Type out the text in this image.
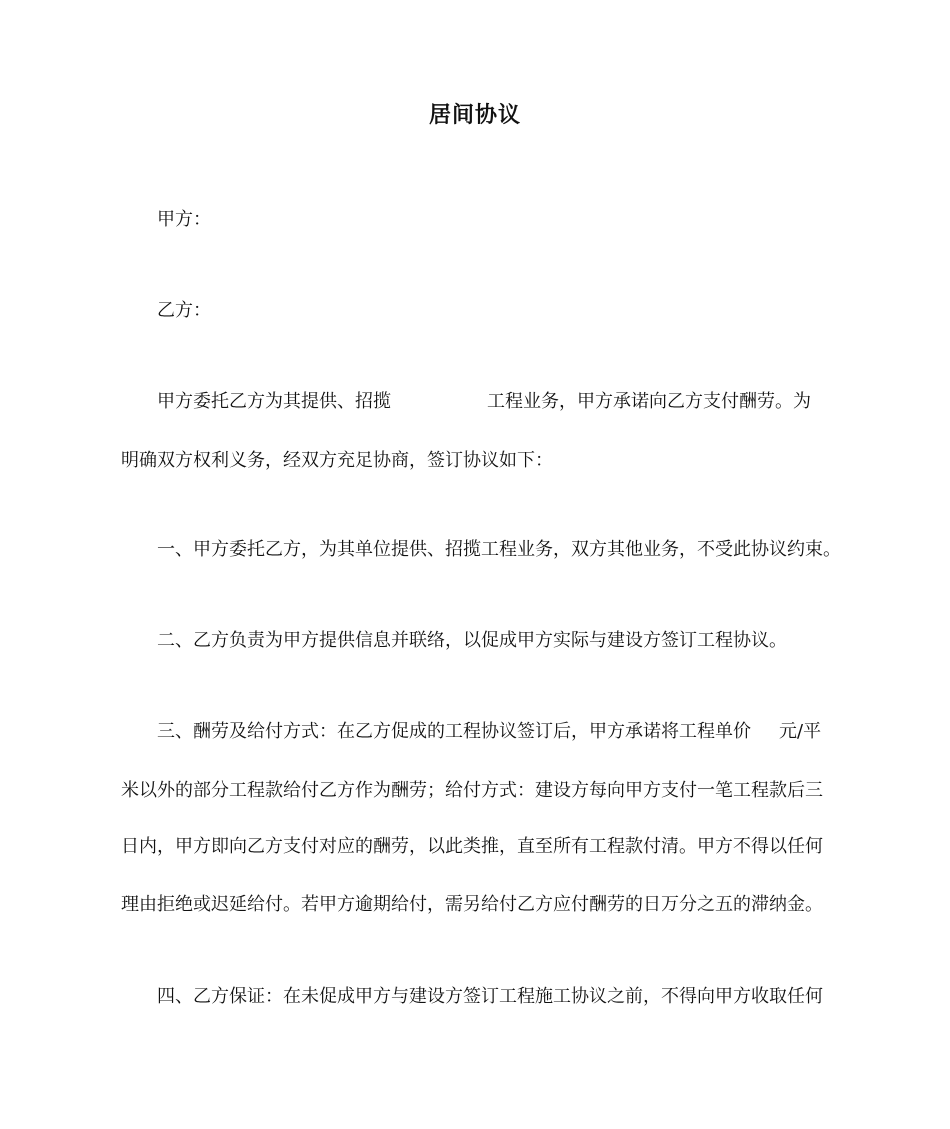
居间协议
甲方：
乙方：
甲方委托乙方为其提供、招揽	工程业务，甲方承诺向乙方支付酬劳。为
明确双方权利义务，经双方充足协商，签订协议如下：
一、甲方委托乙方，为其单位提供、招揽工程业务，双方其他业务，不受此协议约束。
二、乙方负责为甲方提供信息并联络，以促成甲方实际与建设方签订工程协议。
三、酬劳及给付方式：在乙方促成的工程协议签订后，甲方承诺将工程单价 元/平
米以外的部分工程款给付乙方作为酬劳；给付方式：建设方每向甲方支付一笔工程款后三
日内，甲方即向乙方支付对应的酬劳，以此类推，直至所有工程款付清。甲方不得以任何
理由拒绝或迟延给付。若甲方逾期给付，需另给付乙方应付酬劳的日万分之五的滞纳金。
四、乙方保证：在未促成甲方与建设方签订工程施工协议之前，不得向甲方收取任何
